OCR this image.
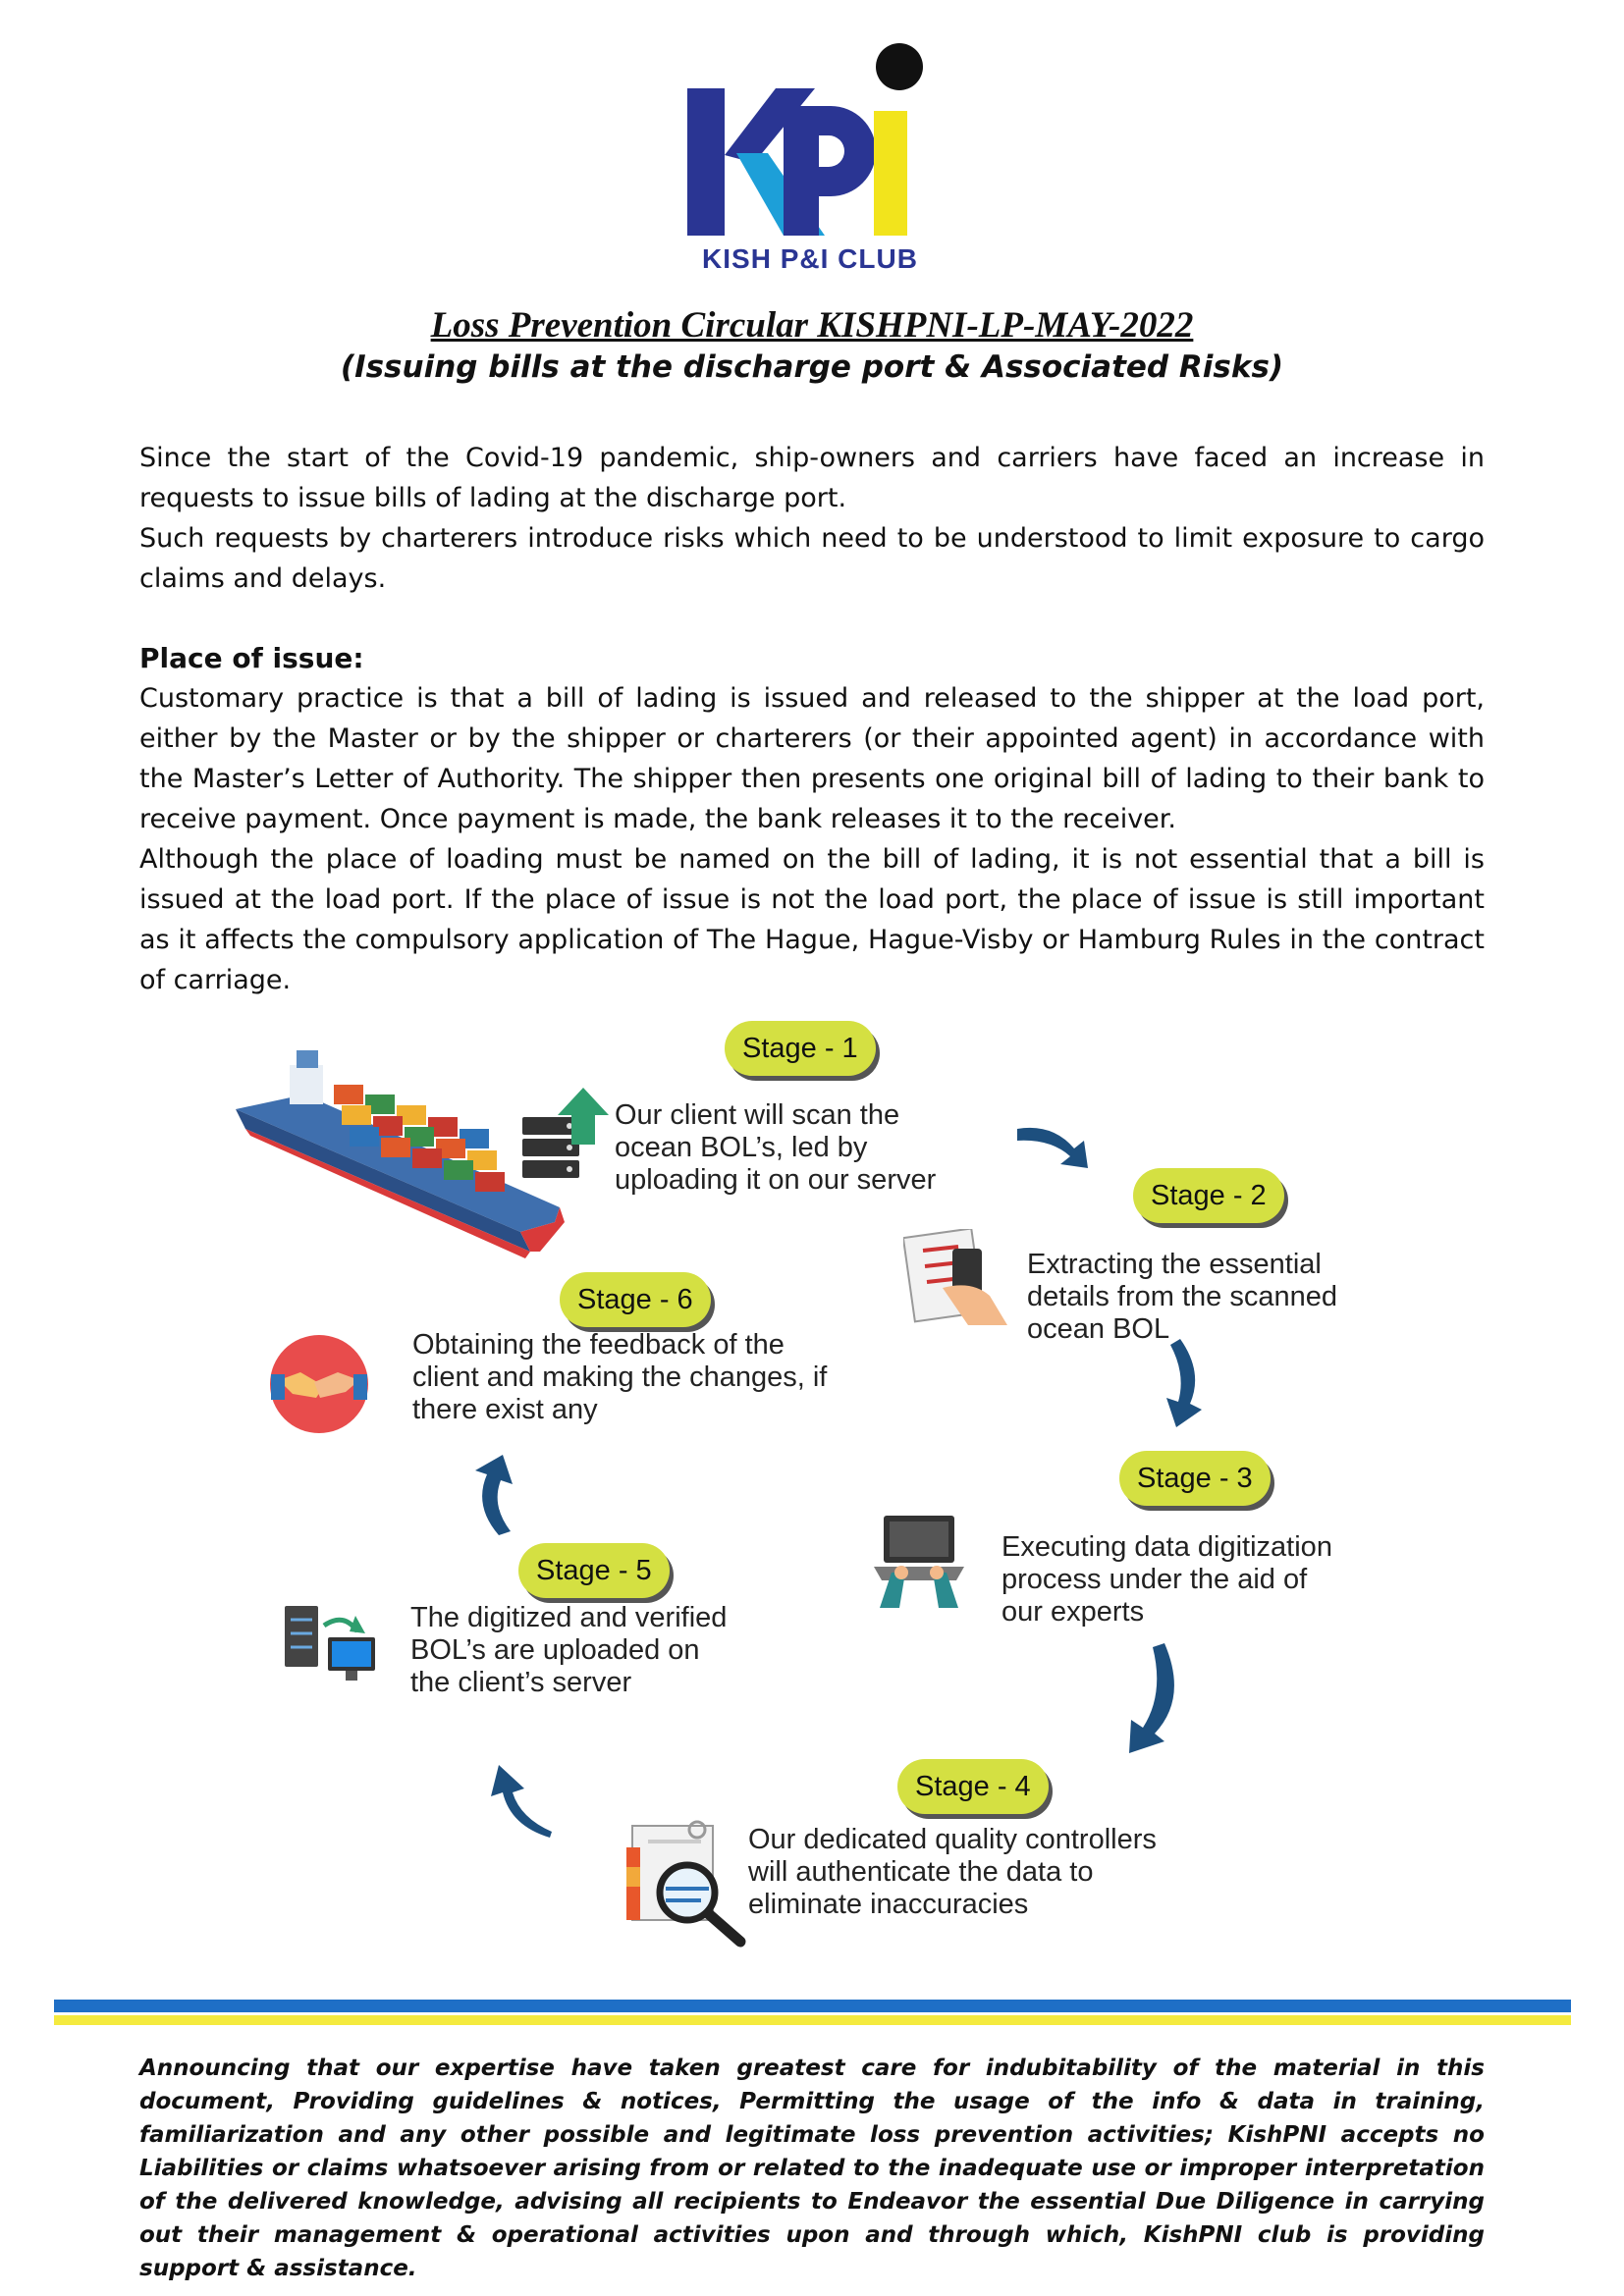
KISH P&I CLUB
Loss Prevention Circular KISHPNI-LP-MAY-2022
(Issuing bills at the discharge port & Associated Risks)

Since the start of the Covid-19 pandemic, ship-owners and carriers have faced an increase in requests to issue bills of lading at the discharge port.

Such requests by charterers introduce risks which need to be understood to limit exposure to cargo claims and delays.

Place of issue:

Customary practice is that a bill of lading is issued and released to the shipper at the load port, either by the Master or by the shipper or charterers (or their appointed agent) in accordance with the Master’s Letter of Authority. The shipper then presents one original bill of lading to their bank to receive payment. Once payment is made, the bank releases it to the receiver.

Although the place of loading must be named on the bill of lading, it is not essential that a bill is issued at the load port. If the place of issue is not the load port, the place of issue is still important as it affects the compulsory application of The Hague, Hague-Visby or Hamburg Rules in the contract of carriage.

Stage - 1
Our client will scan the
ocean BOL’s, led by
uploading it on our server	Stage - 2
Extracting the essential
details from the scanned
ocean BOL
Stage - 3
Executing data digitization
process under the aid of
our experts
Stage - 4
Our dedicated quality controllers
will authenticate the data to
eliminate inaccuracies
Stage - 5
The digitized and verified
BOL’s are uploaded on
the client’s server
Stage - 6
Obtaining the feedback of the
client and making the changes, if
there exist any

Announcing that our expertise have taken greatest care for indubitability of the material in this document, Providing guidelines & notices, Permitting the usage of the info & data in training, familiarization and any other possible and legitimate loss prevention activities; KishPNI accepts no Liabilities or claims whatsoever arising from or related to the inadequate use or improper interpretation of the delivered knowledge, advising all recipients to Endeavor the essential Due Diligence in carrying out their management & operational activities upon and through which, KishPNI club is providing support & assistance.
